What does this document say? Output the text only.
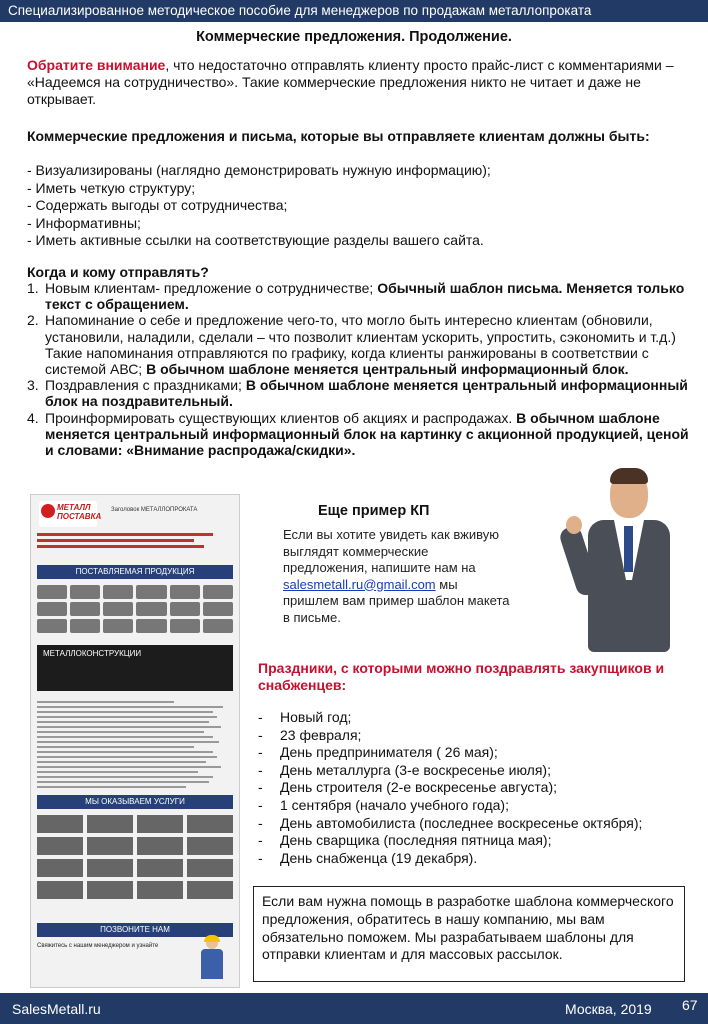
Специализированное методическое пособие для менеджеров по продажам металлопроката
Коммерческие предложения. Продолжение.
Обратите внимание, что недостаточно отправлять клиенту просто прайс-лист с комментариями – «Надеемся на сотрудничество». Такие коммерческие предложения никто не читает и даже не открывает.
Коммерческие предложения и письма, которые вы отправляете клиентам должны быть:
- Визуализированы (наглядно демонстрировать нужную информацию);
- Иметь четкую структуру;
- Содержать выгоды от сотрудничества;
- Информативны;
- Иметь активные ссылки на соответствующие разделы вашего сайта.
Когда и кому отправлять?
1. Новым клиентам- предложение о сотрудничестве; Обычный шаблон письма. Меняется только текст с обращением.
2. Напоминание о себе и предложение чего-то, что могло быть интересно клиентам (обновили, установили, наладили, сделали – что позволит клиентам ускорить, упростить, сэкономить и т.д.) Такие напоминания отправляются по графику, когда клиенты ранжированы в соответствии с системой АВС; В обычном шаблоне меняется центральный информационный блок.
3. Поздравления с праздниками; В обычном шаблоне меняется центральный информационный блок на поздравительный.
4. Проинформировать существующих клиентов об акциях и распродажах. В обычном шаблоне меняется центральный информационный блок на картинку с акционной продукцией, ценой и словами: «Внимание распродажа/скидки».
МЕТАЛЛ ПОСТАВКА
Заголовок МЕТАЛЛОПРОКАТА
ПОСТАВЛЯЕМАЯ ПРОДУКЦИЯ
МЕТАЛЛОКОНСТРУКЦИИ
МЫ ОКАЗЫВАЕМ УСЛУГИ
ПОЗВОНИТЕ НАМ
Свяжитесь с нашим менеджером и узнайте
Еще пример КП
Если вы хотите увидеть как вживую выглядят коммерческие предложения, напишите нам на salesmetall.ru@gmail.com мы пришлем вам пример шаблон макета в письме.
Праздники, с которыми можно поздравлять закупщиков и снабженцев:
- Новый год;
- 23 февраля;
- День предпринимателя ( 26 мая);
- День металлурга (3-е воскресенье июля);
- День строителя (2-е воскресенье августа);
- 1 сентября (начало учебного года);
- День автомобилиста (последнее воскресенье октября);
- День сварщика (последняя пятница мая);
- День снабженца (19 декабря).
Если вам нужна помощь в разработке шаблона коммерческого предложения, обратитесь в нашу компанию, мы вам обязательно поможем. Мы разрабатываем шаблоны для отправки клиентам и для массовых рассылок.
SalesMetall.ru	Москва, 2019 67
